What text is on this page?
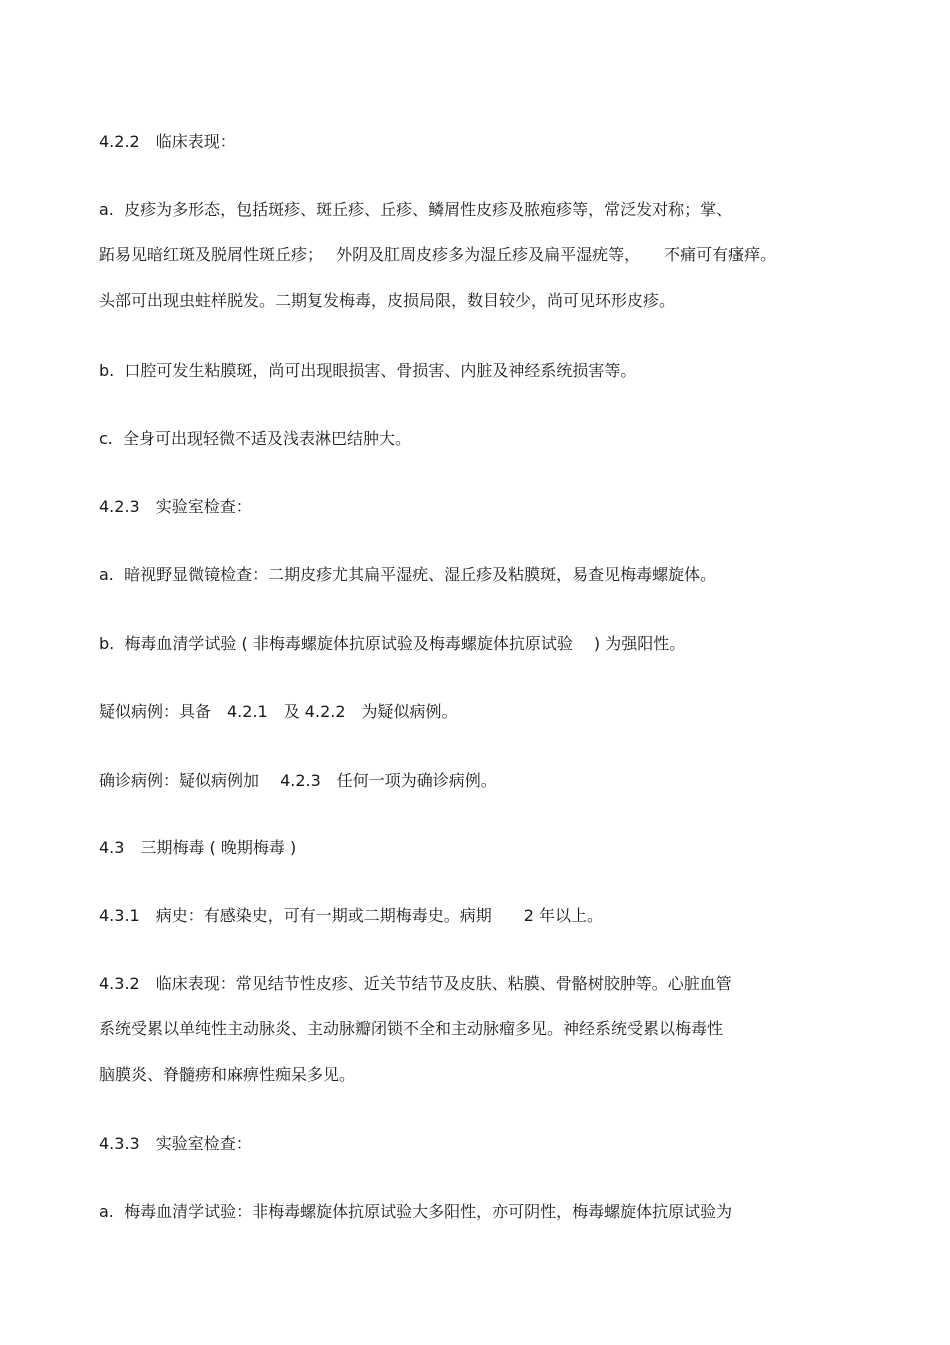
4.2.2　临床表现：

a.  皮疹为多形态，包括斑疹、斑丘疹、丘疹、鳞屑性皮疹及脓疱疹等，常泛发对称；掌、

跖易见暗红斑及脱屑性斑丘疹；　 外阴及肛周皮疹多为湿丘疹及扁平湿疣等，　　不痛可有瘙痒。

头部可出现虫蛀样脱发。二期复发梅毒，皮损局限，数目较少，尚可见环形皮疹。

b.  口腔可发生粘膜斑，尚可出现眼损害、骨损害、内脏及神经系统损害等。

c.  全身可出现轻微不适及浅表淋巴结肿大。

4.2.3　实验室检查：

a.  暗视野显微镜检查：二期皮疹尤其扁平湿疣、湿丘疹及粘膜斑，易查见梅毒螺旋体。

b.  梅毒血清学试验 ( 非梅毒螺旋体抗原试验及梅毒螺旋体抗原试验　 ) 为强阳性。

疑似病例：具备　4.2.1　及 4.2.2　为疑似病例。

确诊病例：疑似病例加　 4.2.3　任何一项为确诊病例。

4.3　三期梅毒 ( 晚期梅毒 )

4.3.1　病史：有感染史，可有一期或二期梅毒史。病期　　2 年以上。

4.3.2　临床表现：常见结节性皮疹、近关节结节及皮肤、粘膜、骨骼树胶肿等。心脏血管

系统受累以单纯性主动脉炎、主动脉瓣闭锁不全和主动脉瘤多见。神经系统受累以梅毒性

脑膜炎、脊髓痨和麻痹性痴呆多见。

4.3.3　实验室检查：

a.  梅毒血清学试验：非梅毒螺旋体抗原试验大多阳性，亦可阴性，梅毒螺旋体抗原试验为
